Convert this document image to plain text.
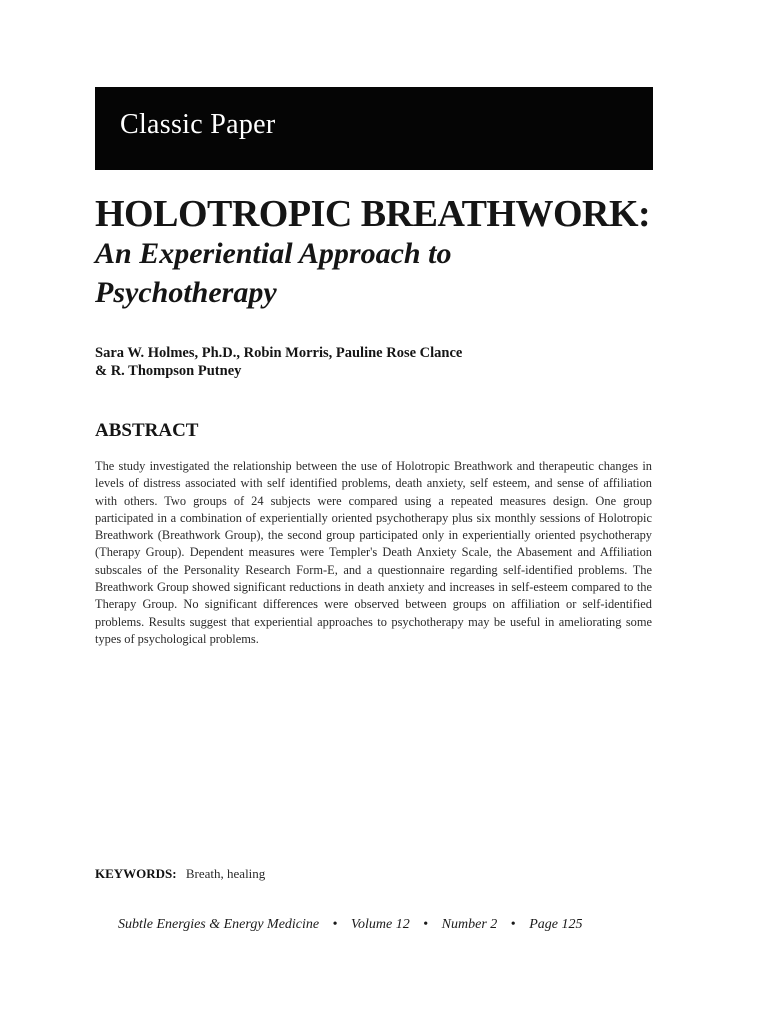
Classic Paper
HOLOTROPIC BREATHWORK:
An Experiential Approach to
Psychotherapy
Sara W. Holmes, Ph.D., Robin Morris, Pauline Rose Clance
& R. Thompson Putney
ABSTRACT
The study investigated the relationship between the use of Holotropic Breathwork and therapeutic changes in levels of distress associated with self identified problems, death anxiety, self esteem, and sense of affiliation with others. Two groups of 24 subjects were compared using a repeated measures design. One group participated in a combination of experientially oriented psychotherapy plus six monthly sessions of Holotropic Breathwork (Breathwork Group), the second group participated only in experientially oriented psychotherapy (Therapy Group). Dependent measures were Templer's Death Anxiety Scale, the Abasement and Affiliation subscales of the Personality Research Form-E, and a questionnaire regarding self-identified problems. The Breathwork Group showed significant reductions in death anxiety and increases in self-esteem compared to the Therapy Group. No significant differences were observed between groups on affiliation or self-identified problems. Results suggest that experiential approaches to psychotherapy may be useful in ameliorating some types of psychological problems.
KEYWORDS: Breath, healing
Subtle Energies & Energy Medicine • Volume 12 • Number 2 • Page 125
